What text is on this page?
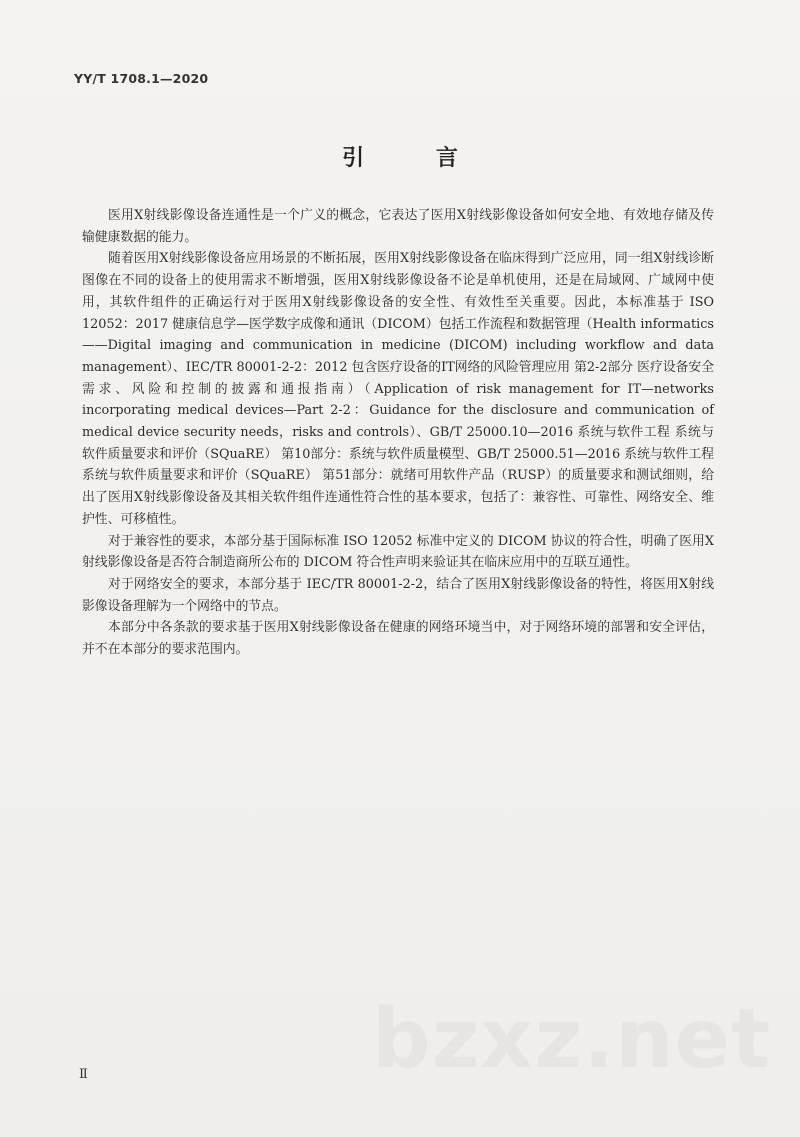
YY/T 1708.1—2020
引 言

医用X射线影像设备连通性是一个广义的概念，它表达了医用X射线影像设备如何安全地、有效地存储及传输健康数据的能力。

随着医用X射线影像设备应用场景的不断拓展，医用X射线影像设备在临床得到广泛应用，同一组X射线诊断图像在不同的设备上的使用需求不断增强，医用X射线影像设备不论是单机使用，还是在局域网、广域网中使用，其软件组件的正确运行对于医用X射线影像设备的安全性、有效性至关重要。因此，本标准基于 ISO 12052：2017 健康信息学—医学数字成像和通讯（DICOM）包括工作流程和数据管理（Health informatics——Digital imaging and communication in medicine (DICOM) including workflow and data management）、IEC/TR 80001-2-2：2012 包含医疗设备的IT网络的风险管理应用 第2-2部分 医疗设备安全需求、风险和控制的披露和通报指南）（Application of risk management for IT—networks incorporating medical devices—Part 2-2：Guidance for the disclosure and communication of medical device security needs，risks and controls）、GB/T 25000.10—2016 系统与软件工程 系统与软件质量要求和评价（SQuaRE） 第10部分：系统与软件质量模型、GB/T 25000.51—2016 系统与软件工程 系统与软件质量要求和评价（SQuaRE） 第51部分：就绪可用软件产品（RUSP）的质量要求和测试细则，给出了医用X射线影像设备及其相关软件组件连通性符合性的基本要求，包括了：兼容性、可靠性、网络安全、维护性、可移植性。

对于兼容性的要求，本部分基于国际标准 ISO 12052 标准中定义的 DICOM 协议的符合性，明确了医用X射线影像设备是否符合制造商所公布的 DICOM 符合性声明来验证其在临床应用中的互联互通性。

对于网络安全的要求，本部分基于 IEC/TR 80001-2-2，结合了医用X射线影像设备的特性，将医用X射线影像设备理解为一个网络中的节点。

本部分中各条款的要求基于医用X射线影像设备在健康的网络环境当中，对于网络环境的部署和安全评估，并不在本部分的要求范围内。

Ⅱ	bzxz.net
